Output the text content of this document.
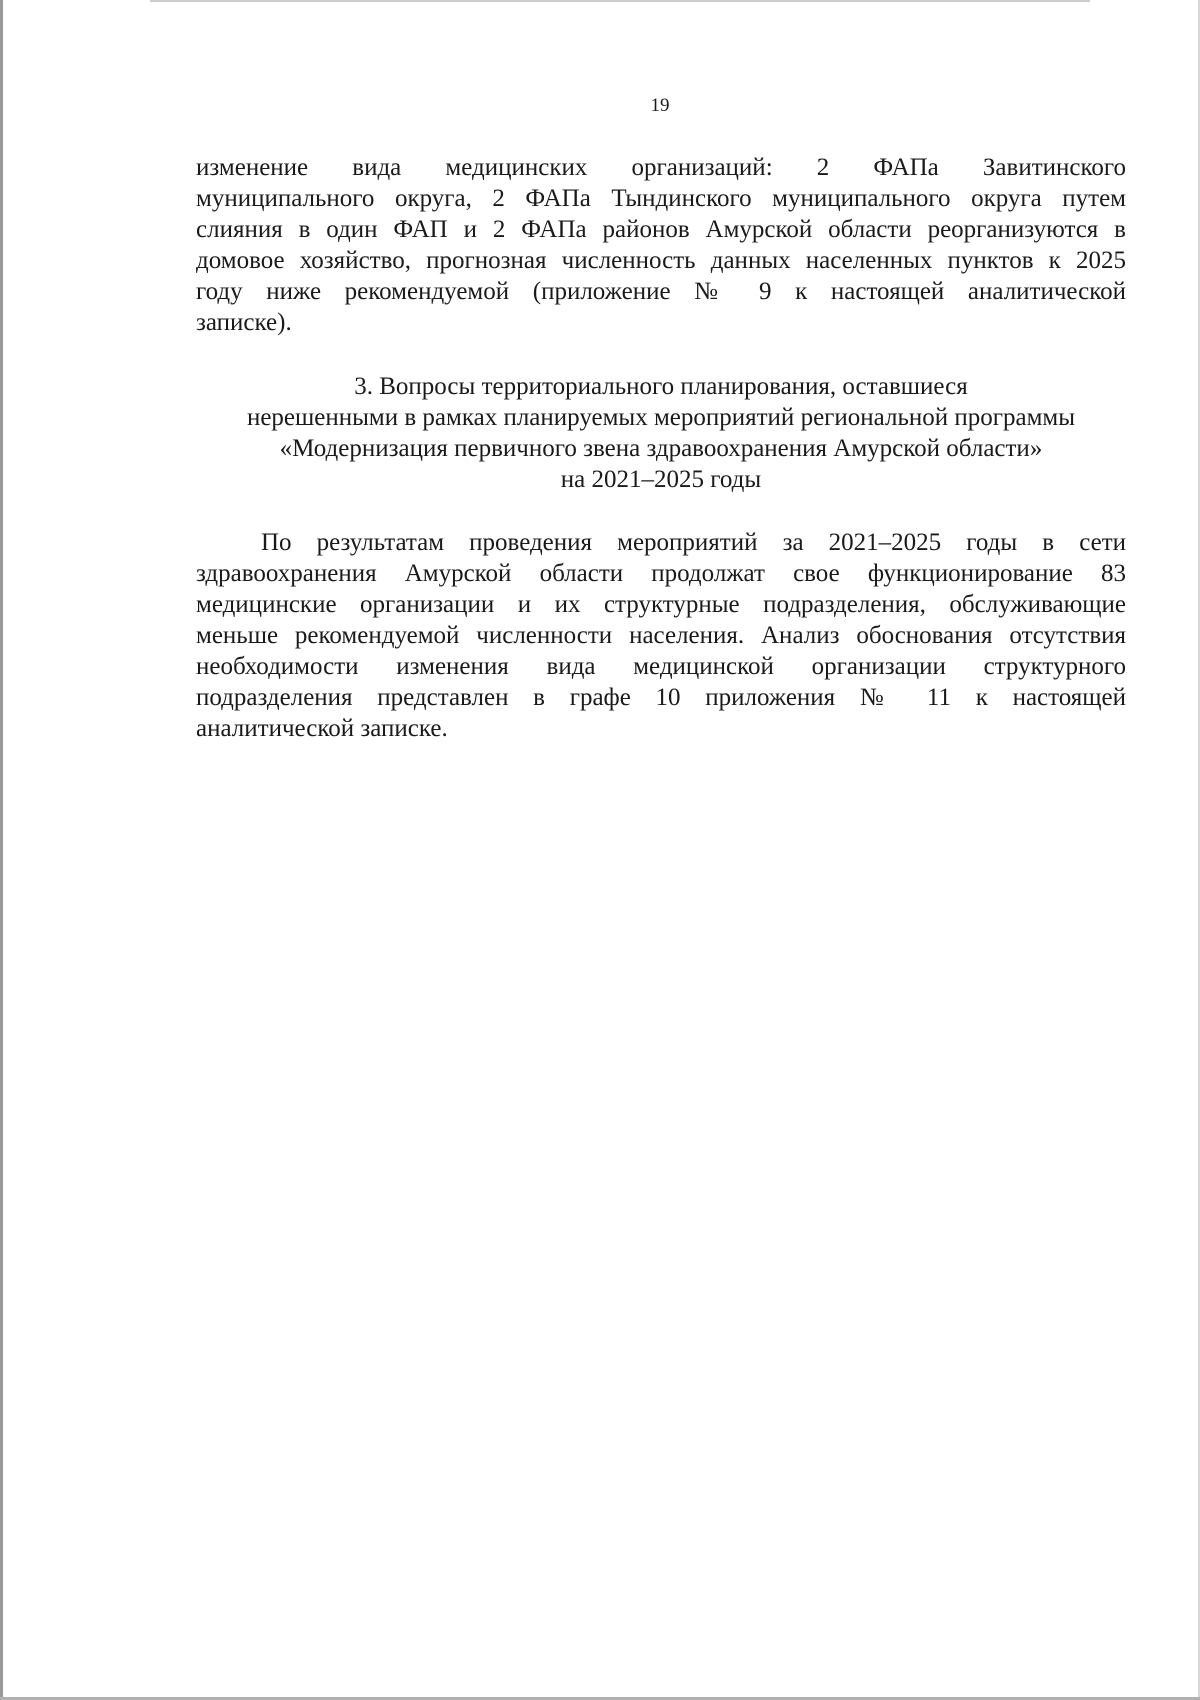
19
изменение вида медицинских организаций: 2 ФАПа Завитинского
муниципального округа, 2 ФАПа Тындинского муниципального округа путем
слияния в один ФАП и 2 ФАПа районов Амурской области реорганизуются в
домовое хозяйство, прогнозная численность данных населенных пунктов к 2025
году ниже рекомендуемой (приложение № 9 к настоящей аналитической
записке).
3. Вопросы территориального планирования, оставшиеся
нерешенными в рамках планируемых мероприятий региональной программы
«Модернизация первичного звена здравоохранения Амурской области»
на 2021–2025 годы
По результатам проведения мероприятий за 2021–2025 годы в сети
здравоохранения Амурской области продолжат свое функционирование 83
медицинские организации и их структурные подразделения, обслуживающие
меньше рекомендуемой численности населения. Анализ обоснования отсутствия
необходимости изменения вида медицинской организации структурного
подразделения представлен в графе 10 приложения № 11 к настоящей
аналитической записке.
